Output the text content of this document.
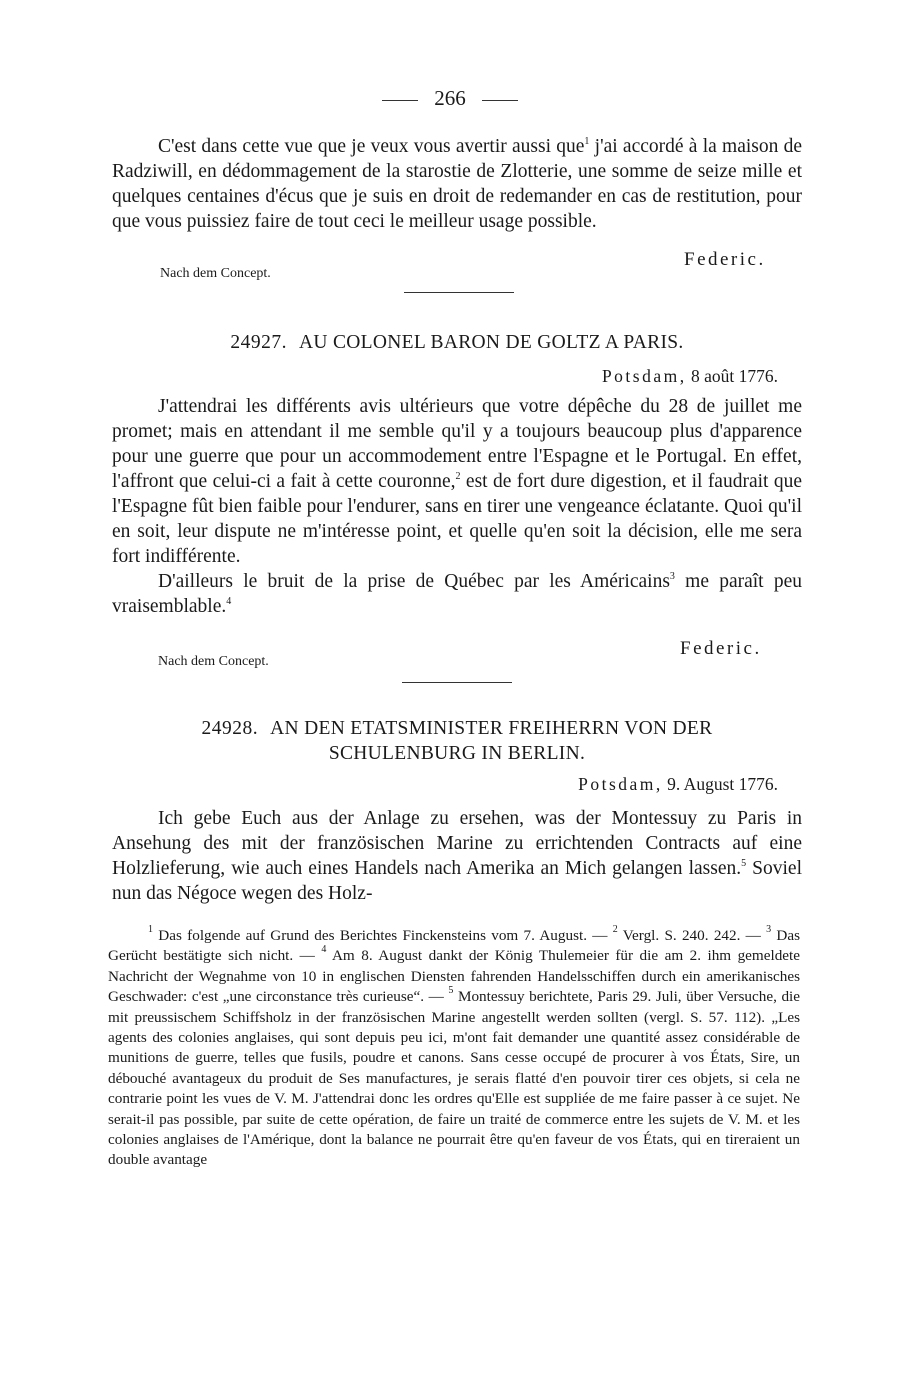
266

C'est dans cette vue que je veux vous avertir aussi que$^1$ j'ai accordé à la maison de Radziwill, en dédommagement de la starostie de Zlotterie, une somme de seize mille et quelques centaines d'écus que je suis en droit de redemander en cas de restitution, pour que vous puissiez faire de tout ceci le meilleur usage possible.

Federic.
Nach dem Concept.
24927. AU COLONEL BARON DE GOLTZ A PARIS.
Potsdam, 8 août 1776.

J'attendrai les différents avis ultérieurs que votre dépêche du 28 de juillet me promet; mais en attendant il me semble qu'il y a toujours beaucoup plus d'apparence pour une guerre que pour un accommodement entre l'Espagne et le Portugal. En effet, l'affront que celui-ci a fait à cette couronne,$^2$ est de fort dure digestion, et il faudrait que l'Espagne fût bien faible pour l'endurer, sans en tirer une vengeance éclatante. Quoi qu'il en soit, leur dispute ne m'intéresse point, et quelle qu'en soit la décision, elle me sera fort indifférente.

D'ailleurs le bruit de la prise de Québec par les Américains$^3$ me paraît peu vraisemblable.$^4$

Federic.
Nach dem Concept.
24928. AN DEN ETATSMINISTER FREIHERRN VON DER
SCHULENBURG IN BERLIN.
Potsdam, 9. August 1776.

Ich gebe Euch aus der Anlage zu ersehen, was der Montessuy zu Paris in Ansehung des mit der französischen Marine zu errichtenden Contracts auf eine Holzlieferung, wie auch eines Handels nach Amerika an Mich gelangen lassen.$^5$ Soviel nun das Négoce wegen des Holz-

$^1$ Das folgende auf Grund des Berichtes Finckensteins vom 7. August. — $^2$ Vergl. S. 240. 242. — $^3$ Das Gerücht bestätigte sich nicht. — $^4$ Am 8. August dankt der König Thulemeier für die am 2. ihm gemeldete Nachricht der Wegnahme von 10 in englischen Diensten fahrenden Handelsschiffen durch ein amerikanisches Geschwader: c'est „une circonstance très curieuse“. — $^5$ Montessuy berichtete, Paris 29. Juli, über Versuche, die mit preussischem Schiffsholz in der französischen Marine angestellt werden sollten (vergl. S. 57. 112). „Les agents des colonies anglaises, qui sont depuis peu ici, m'ont fait demander une quantité assez considérable de munitions de guerre, telles que fusils, poudre et canons. Sans cesse occupé de procurer à vos États, Sire, un débouché avantageux du produit de Ses manufactures, je serais flatté d'en pouvoir tirer ces objets, si cela ne contrarie point les vues de V. M. J'attendrai donc les ordres qu'Elle est suppliée de me faire passer à ce sujet. Ne serait-il pas possible, par suite de cette opération, de faire un traité de commerce entre les sujets de V. M. et les colonies anglaises de l'Amérique, dont la balance ne pourrait être qu'en faveur de vos États, qui en tireraient un double avantage
